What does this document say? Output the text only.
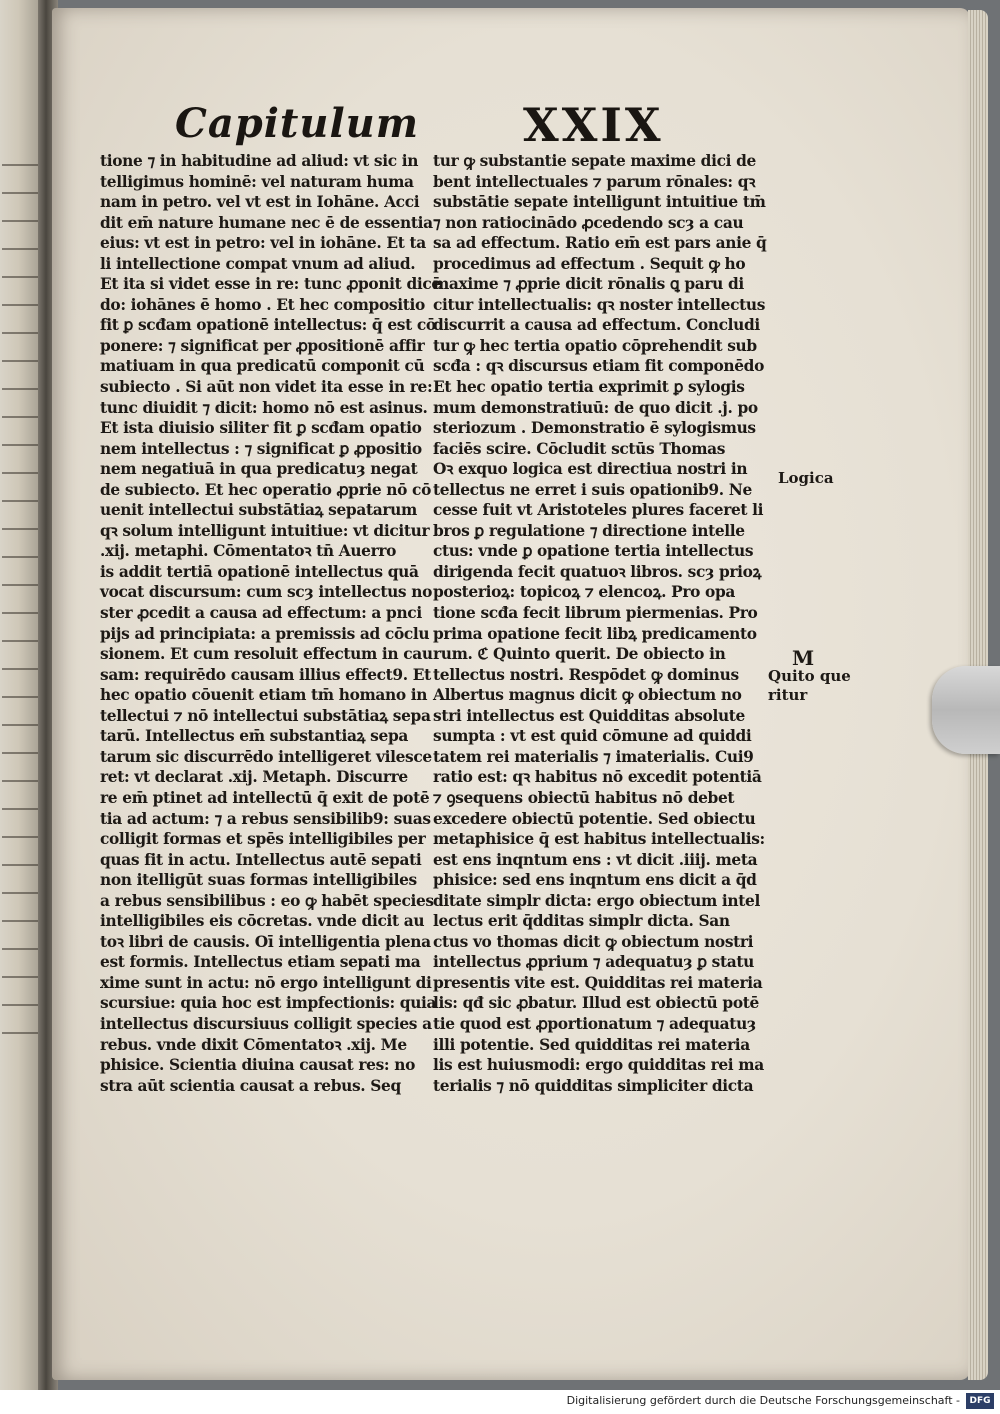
Capitulum XXIX
tione ⁊ in habitudine ad aliud: vt sic in
telligimus hominē: vel naturam huma
nam in petro. vel vt est in Iohāne. Acci
dit em̄ nature humane nec ē de essentia
eius: vt est in petro: vel in iohāne. Et ta
li intellectione compat vnum ad aliud.
Et ita si videt esse in re: tunc ꝓponit dicē
do: iohānes ē homo . Et hec compositio
fit ꝑ scđam opationē intellectus: q̄ est cō
ponere: ⁊ significat per ꝓpositionē affir
matiuam in qua predicatū componit cū
subiecto . Si aūt non videt ita esse in re:
tunc diuidit ⁊ dicit: homo nō est asinus.
Et ista diuisio siliter fit ꝑ scđam opatio
nem intellectus : ⁊ significat ꝑ ꝓpositio
nem negatiuā in qua predicatuȝ negat
de subiecto. Et hec operatio ꝓprie nō cō
uenit intellectui substātiaꝝ sepatarum
qꝛ solum intelligunt intuitiue: vt dicitur
.xij. metaphi. Cōmentatoꝛ tn̄ Auerro
is addit tertiā opationē intellectus quā
vocat discursum: cum scȝ intellectus no
ster ꝓcedit a causa ad effectum: a pnci
pijs ad principiata: a premissis ad cōclu
sionem. Et cum resoluit effectum in cau
sam: requirēdo causam illius effect9. Et
hec opatio cōuenit etiam tm̄ homano in
tellectui ⁊ nō intellectui substātiaꝝ sepa
tarū. Intellectus em̄ substantiaꝝ sepa
tarum sic discurrēdo intelligeret vilesce
ret: vt declarat .xij. Metaph. Discurre
re em̄ ptinet ad intellectū q̄ exit de potē
tia ad actum: ⁊ a rebus sensibilib9: suas
colligit formas et spēs intelligibiles per
quas fit in actu. Intellectus autē sepati
non itelligūt suas formas intelligibiles
a rebus sensibilibus : eo ꝙ habēt species
intelligibiles eis cōcretas. vnde dicit au
toꝛ libri de causis. Oī intelligentia plena
est formis. Intellectus etiam sepati ma
xime sunt in actu: nō ergo intelligunt di
scursiue: quia hoc est impfectionis: quia
intellectus discursiuus colligit species a
rebus. vnde dixit Cōmentatoꝛ .xij. Me
phisice. Scientia diuina causat res: no
stra aūt scientia causat a rebus. Seq
tur ꝙ substantie sepate maxime dici de
bent intellectuales ⁊ parum rōnales: qꝛ
substātie sepate intelligunt intuitiue tm̄
⁊ non ratiocinādo ꝓcedendo scȝ a cau
sa ad effectum. Ratio em̄ est pars anie q̄
procedimus ad effectum . Sequit ꝙ ho
maxime ⁊ ꝓprie dicit rōnalis ꝗ paru di
citur intellectualis: qꝛ noster intellectus
discurrit a causa ad effectum. Concludi
tur ꝙ hec tertia opatio cōprehendit sub
scđa : qꝛ discursus etiam fit componēdo
Et hec opatio tertia exprimit ꝑ sylogis
mum demonstratiuū: de quo dicit .j. po
steriozum . Demonstratio ē sylogismus
faciēs scire. Cōcludit sctūs Thomas
Oꝛ exquo logica est directiua nostri in
tellectus ne erret i suis opationib9. Ne
cesse fuit vt Aristoteles plures faceret li
bros ꝑ regulatione ⁊ directione intelle
ctus: vnde ꝑ opatione tertia intellectus
dirigenda fecit quatuoꝛ libros. scȝ prioꝝ
posterioꝝ: topicoꝝ ⁊ elencoꝝ. Pro opa
tione scđa fecit librum piermenias. Pro
prima opatione fecit libꝝ predicamento
rum. ℭ Quinto querit. De obiecto in
tellectus nostri. Respōdet ꝙ dominus
Albertus magnus dicit ꝙ obiectum no
stri intellectus est Quidditas absolute
sumpta : vt est quid cōmune ad quiddi
tatem rei materialis ⁊ imaterialis. Cui9
ratio est: qꝛ habitus nō excedit potentiā
⁊ ꝯsequens obiectū habitus nō debet
excedere obiectū potentie. Sed obiectu
metaphisice q̄ est habitus intellectualis:
est ens inqntum ens : vt dicit .iiij. meta
phisice: sed ens inqntum ens dicit a q̄d
ditate simplr dicta: ergo obiectum intel
lectus erit q̄dditas simplr dicta. San
ctus vo thomas dicit ꝙ obiectum nostri
intellectus ꝓprium ⁊ adequatuȝ ꝑ statu
presentis vite est. Quidditas rei materia
lis: qđ sic ꝓbatur. Illud est obiectū potē
tie quod est ꝓportionatum ⁊ adequatuȝ
illi potentie. Sed quidditas rei materia
lis est huiusmodi: ergo quidditas rei ma
terialis ⁊ nō quidditas simpliciter dicta
Logica
M
Quito que
ritur
Digitalisierung gefördert durch die Deutsche Forschungsgemeinschaft -	DFG
